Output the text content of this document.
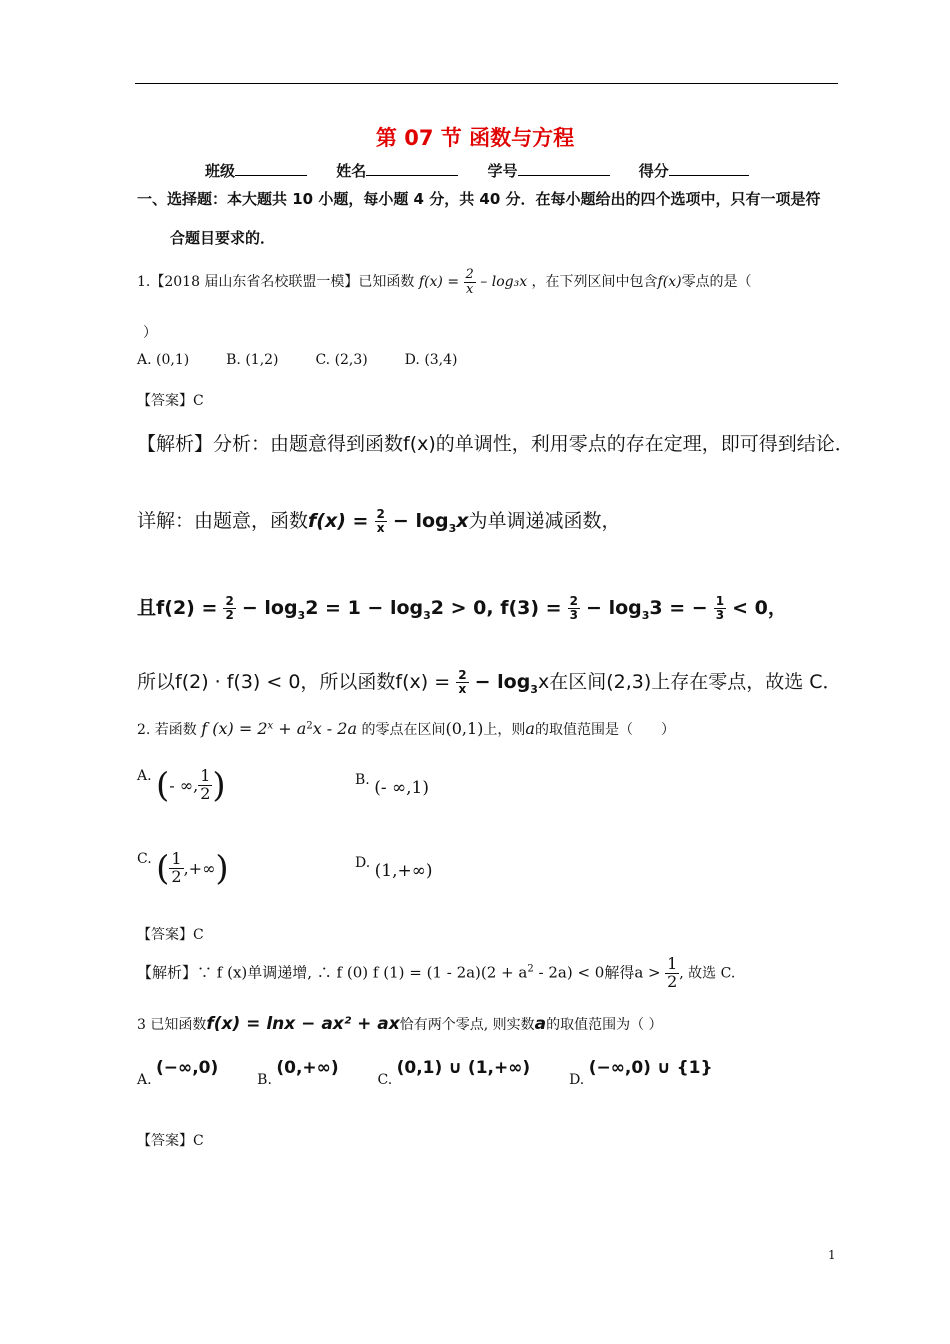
第 07 节 函数与方程
班级	姓名	学号	得分
一、选择题：本大题共 10 小题，每小题 4 分，共 40 分．在每小题给出的四个选项中，只有一项是符
合题目要求的．
1.【2018 届山东省名校联盟一模】已知函数 $f(x) = \frac{2}{x} - \log_3x$ ，在下列区间中包含f(x)零点的是（
）
A. (0,1)	B. (1,2)	C. (2,3)	D. (3,4)
【答案】C
【解析】分析：由题意得到函数f(x)的单调性，利用零点的存在定理，即可得到结论．
详解：由题意，函数$f(x) = \frac{2}{x} - \log_3x$为单调递减函数，
且$f(2) = \frac{2}{2} - \log_32 = 1 - \log_32 > 0$, $f(3) = \frac{2}{3} - \log_33$ = − $\frac{1}{3} < 0$，
所以f(2) · f(3) < 0，所以函数$f(x) = \frac{2}{x} - \log_3x$在区间(2,3)上存在零点，故选 C．
2. 若函数 f $(x) = 2^x + a^2x - 2a$ 的零点在区间(0,1)上，则a的取值范围是（　　）
A. (- ∞, $\frac{1}{2}$ )	B. (- ∞,1)
C. ( $\frac{1}{2}$ ,+∞)	D. (1,+∞)
【答案】C
【解析】∵ f (x)单调递增, ∴ f (0) f $(1) = (1 - 2a)(2 + a^2 - 2a) < 0$解得$a > \frac{1}{2}$ , 故选 C.
3 已知函数f(x) = lnx − ax² + ax恰有两个零点, 则实数a的取值范围为（ ）
A. (−∞,0)  B. (0,+∞)  C. (0,1) ∪ (1,+∞)  D. (−∞,0) ∪ {1}
【答案】C
1
